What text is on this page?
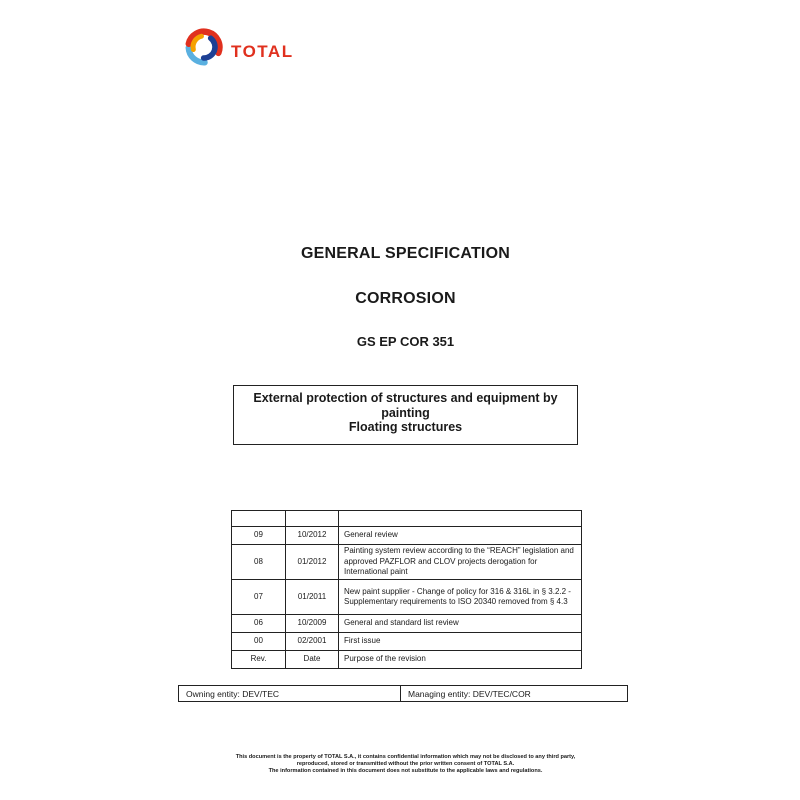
TOTAL
GENERAL SPECIFICATION
CORROSION
GS EP COR 351
External protection of structures and equipment by
painting
Floating structures

09	10/2012	General review
08	01/2012	Painting system review according to the “REACH” legislation and approved PAZFLOR and CLOV projects derogation for International paint
07	01/2011	New paint supplier - Change of policy for 316 & 316L in § 3.2.2 - Supplementary requirements to ISO 20340 removed from § 4.3
06	10/2009	General and standard list review
00	02/2001	First issue
Rev.	Date	Purpose of the revision
Owning entity: DEV/TEC	Managing entity: DEV/TEC/COR
This document is the property of TOTAL S.A., it contains confidential information which may not be disclosed to any third party,
reproduced, stored or transmitted without the prior written consent of TOTAL S.A.
The information contained in this document does not substitute to the applicable laws and regulations.
